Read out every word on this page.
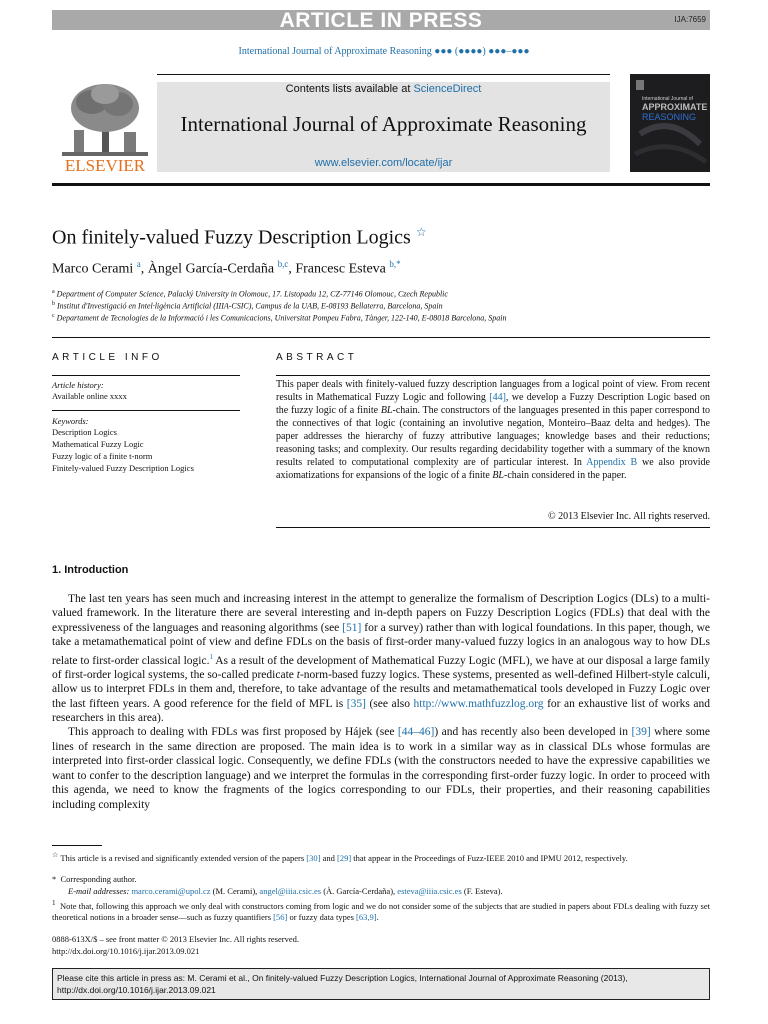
ARTICLE IN PRESS	IJA:7659
International Journal of Approximate Reasoning ●●● (●●●●) ●●●–●●●
ELSEVIER
Contents lists available at ScienceDirect
International Journal of Approximate Reasoning
www.elsevier.com/locate/ijar
International Journal of
APPROXIMATE
REASONING
On finitely-valued Fuzzy Description Logics ☆
Marco Cerami $^a$, Àngel García-Cerdaña $^{b,c}$, Francesc Esteva $^{b,*}$
$^a$ Department of Computer Science, Palacký University in Olomouc, 17. Listopadu 12, CZ-77146 Olomouc, Czech Republic
$^b$ Institut d'Investigació en Intel·ligència Artificial (IIIA-CSIC), Campus de la UAB, E-08193 Bellaterra, Barcelona, Spain
$^c$ Departament de Tecnologies de la Informació i les Comunicacions, Universitat Pompeu Fabra, Tànger, 122-140, E-08018 Barcelona, Spain
ARTICLE INFO
Article history:
Available online xxxx
Keywords:
Description Logics
Mathematical Fuzzy Logic
Fuzzy logic of a finite t-norm
Finitely-valued Fuzzy Description Logics
ABSTRACT
This paper deals with finitely-valued fuzzy description languages from a logical point of view. From recent results in Mathematical Fuzzy Logic and following [44], we develop a Fuzzy Description Logic based on the fuzzy logic of a finite BL-chain. The constructors of the languages presented in this paper correspond to the connectives of that logic (containing an involutive negation, Monteiro–Baaz delta and hedges). The paper addresses the hierarchy of fuzzy attributive languages; knowledge bases and their reductions; reasoning tasks; and complexity. Our results regarding decidability together with a summary of the known results related to computational complexity are of particular interest. In Appendix B we also provide axiomatizations for expansions of the logic of a finite BL-chain considered in the paper.
© 2013 Elsevier Inc. All rights reserved.
1. Introduction

The last ten years has seen much and increasing interest in the attempt to generalize the formalism of Description Logics (DLs) to a multi-valued framework. In the literature there are several interesting and in-depth papers on Fuzzy Description Logics (FDLs) that deal with the expressiveness of the languages and reasoning algorithms (see [51] for a survey) rather than with logical foundations. In this paper, though, we take a metamathematical point of view and define FDLs on the basis of first-order many-valued fuzzy logics in an analogous way to how DLs relate to first-order classical logic.$^1$ As a result of the development of Mathematical Fuzzy Logic (MFL), we have at our disposal a large family of first-order logical systems, the so-called predicate t-norm-based fuzzy logics. These systems, presented as well-defined Hilbert-style calculi, allow us to interpret FDLs in them and, therefore, to take advantage of the results and metamathematical tools developed in Fuzzy Logic over the last fifteen years. A good reference for the field of MFL is [35] (see also http://www.mathfuzzlog.org for an exhaustive list of works and researchers in this area).

This approach to dealing with FDLs was first proposed by Hájek (see [44–46]) and has recently also been developed in [39] where some lines of research in the same direction are proposed. The main idea is to work in a similar way as in classical DLs whose formulas are interpreted into first-order classical logic. Consequently, we define FDLs (with the constructors needed to have the expressive capabilities we want to confer to the description language) and we interpret the formulas in the corresponding first-order fuzzy logic. In order to proceed with this agenda, we need to know the fragments of the logics corresponding to our FDLs, their properties, and their reasoning capabilities including complexity

☆ This article is a revised and significantly extended version of the papers [30] and [29] that appear in the Proceedings of Fuzz-IEEE 2010 and IPMU 2012, respectively.
* Corresponding author.
E-mail addresses: marco.cerami@upol.cz (M. Cerami), angel@iiia.csic.es (À. García-Cerdaña), esteva@iiia.csic.es (F. Esteva).
$^1$ Note that, following this approach we only deal with constructors coming from logic and we do not consider some of the subjects that are studied in papers about FDLs dealing with fuzzy set theoretical notions in a broader sense—such as fuzzy quantifiers [56] or fuzzy data types [63,9].
0888-613X/$ – see front matter © 2013 Elsevier Inc. All rights reserved.
http://dx.doi.org/10.1016/j.ijar.2013.09.021
Please cite this article in press as: M. Cerami et al., On finitely-valued Fuzzy Description Logics, International Journal of Approximate Reasoning (2013),
http://dx.doi.org/10.1016/j.ijar.2013.09.021
